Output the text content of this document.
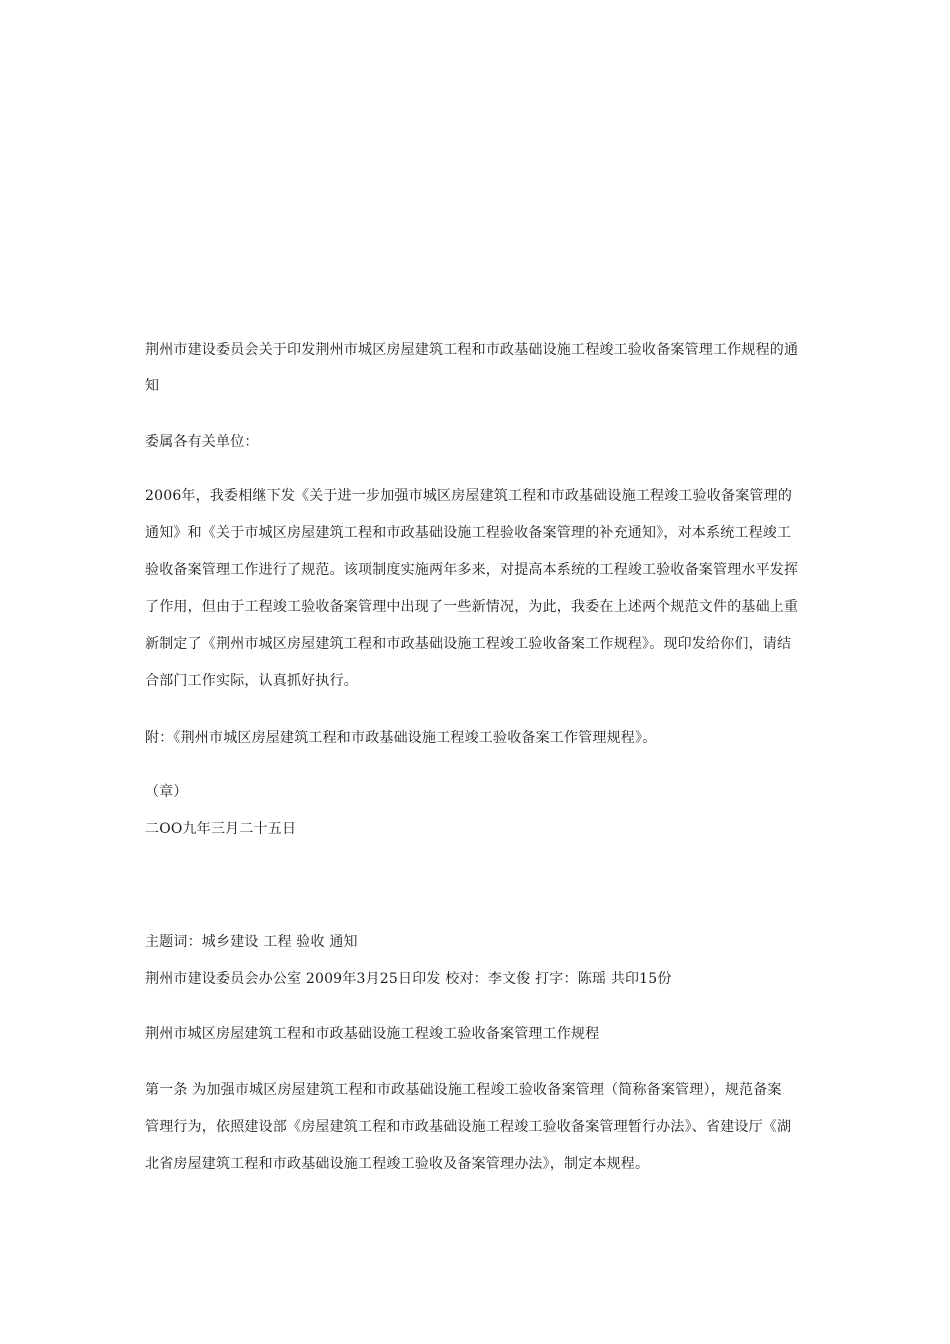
荆州市建设委员会关于印发荆州市城区房屋建筑工程和市政基础设施工程竣工验收备案管理工作规程的通
知
委属各有关单位：
2006年，我委相继下发《关于进一步加强市城区房屋建筑工程和市政基础设施工程竣工验收备案管理的
通知》和《关于市城区房屋建筑工程和市政基础设施工程验收备案管理的补充通知》，对本系统工程竣工
验收备案管理工作进行了规范。该项制度实施两年多来，对提高本系统的工程竣工验收备案管理水平发挥
了作用，但由于工程竣工验收备案管理中出现了一些新情况，为此，我委在上述两个规范文件的基础上重
新制定了《荆州市城区房屋建筑工程和市政基础设施工程竣工验收备案工作规程》。现印发给你们，请结
合部门工作实际，认真抓好执行。
附：《荆州市城区房屋建筑工程和市政基础设施工程竣工验收备案工作管理规程》。
（章）
二OO九年三月二十五日
主题词：城乡建设 工程 验收 通知
荆州市建设委员会办公室 2009年3月25日印发 校对：李文俊 打字：陈瑶 共印15份
荆州市城区房屋建筑工程和市政基础设施工程竣工验收备案管理工作规程
第一条 为加强市城区房屋建筑工程和市政基础设施工程竣工验收备案管理（简称备案管理），规范备案
管理行为，依照建设部《房屋建筑工程和市政基础设施工程竣工验收备案管理暂行办法》、省建设厅《湖
北省房屋建筑工程和市政基础设施工程竣工验收及备案管理办法》，制定本规程。
